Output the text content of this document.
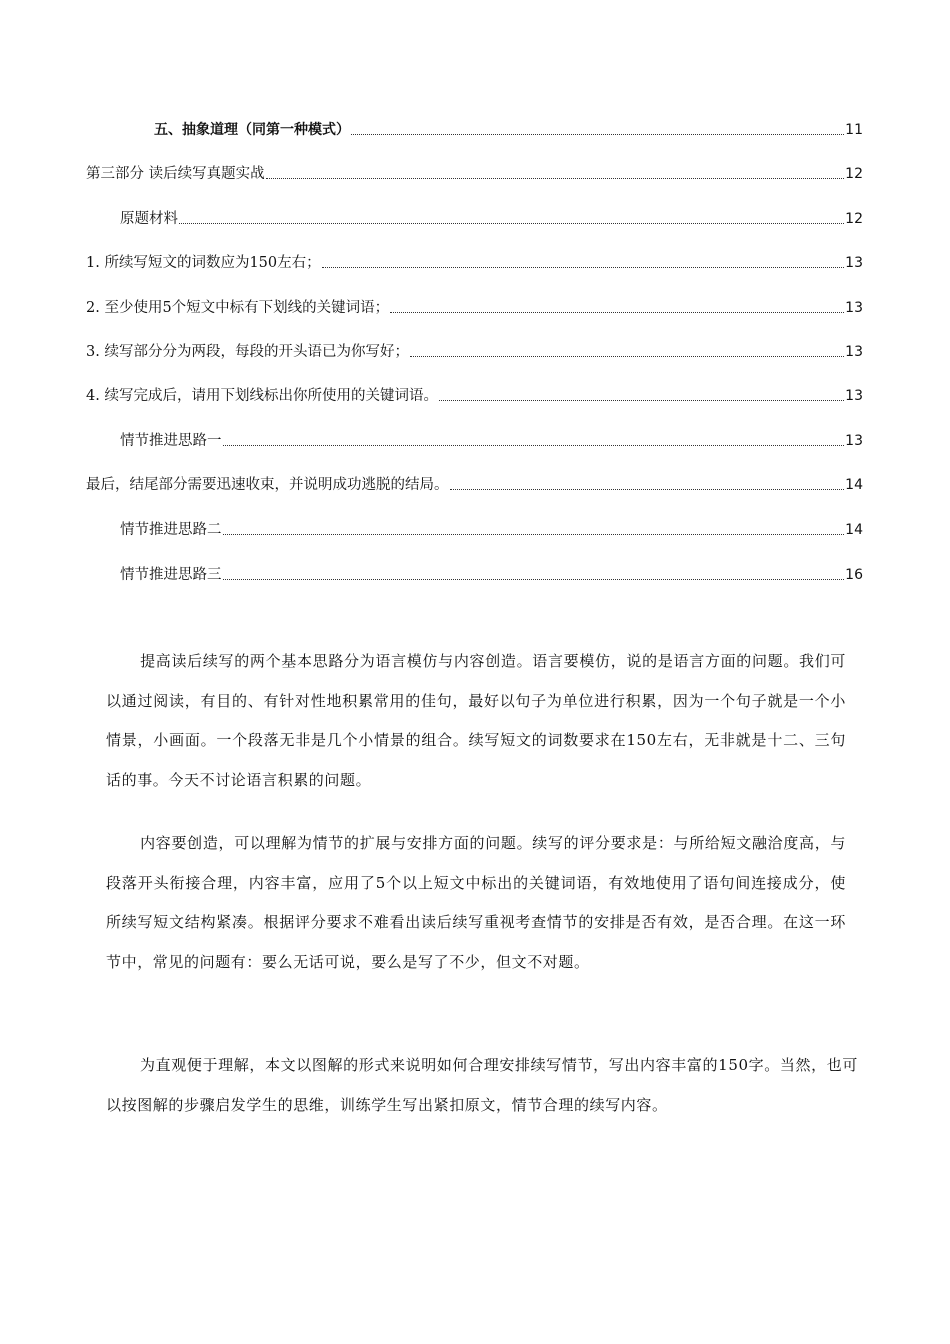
五、抽象道理（同第一种模式）	11
第三部分 读后续写真题实战	12
原题材料	12
1. 所续写短文的词数应为150左右；	13
2. 至少使用5个短文中标有下划线的关键词语；	13
3. 续写部分分为两段，每段的开头语已为你写好；	13
4. 续写完成后，请用下划线标出你所使用的关键词语。	13
情节推进思路一	13
最后，结尾部分需要迅速收束，并说明成功逃脱的结局。	14
情节推进思路二	14
情节推进思路三	16

提高读后续写的两个基本思路分为语言模仿与内容创造。语言要模仿，说的是语言方面的问题。我们可以通过阅读，有目的、有针对性地积累常用的佳句，最好以句子为单位进行积累，因为一个句子就是一个小情景，小画面。一个段落无非是几个小情景的组合。续写短文的词数要求在150左右，无非就是十二、三句话的事。今天不讨论语言积累的问题。

内容要创造，可以理解为情节的扩展与安排方面的问题。续写的评分要求是：与所给短文融洽度高，与段落开头衔接合理，内容丰富，应用了5个以上短文中标出的关键词语，有效地使用了语句间连接成分，使所续写短文结构紧凑。根据评分要求不难看出读后续写重视考查情节的安排是否有效，是否合理。在这一环节中，常见的问题有：要么无话可说，要么是写了不少，但文不对题。

为直观便于理解，本文以图解的形式来说明如何合理安排续写情节，写出内容丰富的150字。当然，也可以按图解的步骤启发学生的思维，训练学生写出紧扣原文，情节合理的续写内容。
